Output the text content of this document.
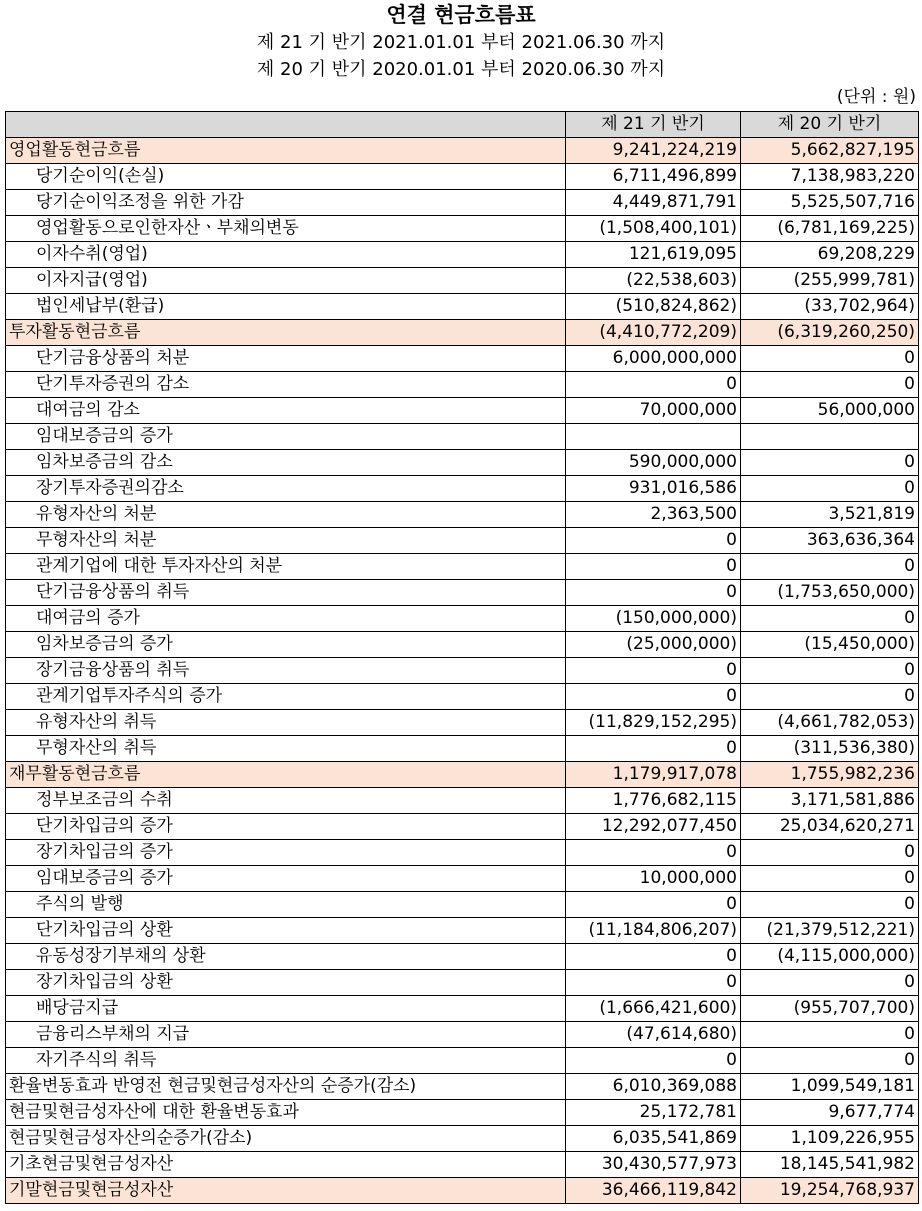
연결 현금흐름표
제 21 기 반기 2021.01.01 부터 2021.06.30 까지
제 20 기 반기 2020.01.01 부터 2020.06.30 까지
(단위 : 원)
	제 21 기 반기	제 20 기 반기
영업활동현금흐름	9,241,224,219	5,662,827,195
당기순이익(손실)	6,711,496,899	7,138,983,220
당기순이익조정을 위한 가감	4,449,871,791	5,525,507,716
영업활동으로인한자산ㆍ부채의변동	(1,508,400,101)	(6,781,169,225)
이자수취(영업)	121,619,095	69,208,229
이자지급(영업)	(22,538,603)	(255,999,781)
법인세납부(환급)	(510,824,862)	(33,702,964)
투자활동현금흐름	(4,410,772,209)	(6,319,260,250)
단기금융상품의 처분	6,000,000,000	0
단기투자증권의 감소	0	0
대여금의 감소	70,000,000	56,000,000
임대보증금의 증가		
임차보증금의 감소	590,000,000	0
장기투자증권의감소	931,016,586	0
유형자산의 처분	2,363,500	3,521,819
무형자산의 처분	0	363,636,364
관계기업에 대한 투자자산의 처분	0	0
단기금융상품의 취득	0	(1,753,650,000)
대여금의 증가	(150,000,000)	0
임차보증금의 증가	(25,000,000)	(15,450,000)
장기금융상품의 취득	0	0
관계기업투자주식의 증가	0	0
유형자산의 취득	(11,829,152,295)	(4,661,782,053)
무형자산의 취득	0	(311,536,380)
재무활동현금흐름	1,179,917,078	1,755,982,236
정부보조금의 수취	1,776,682,115	3,171,581,886
단기차입금의 증가	12,292,077,450	25,034,620,271
장기차입금의 증가	0	0
임대보증금의 증가	10,000,000	0
주식의 발행	0	0
단기차입금의 상환	(11,184,806,207)	(21,379,512,221)
유동성장기부채의 상환	0	(4,115,000,000)
장기차입금의 상환	0	0
배당금지급	(1,666,421,600)	(955,707,700)
금융리스부채의 지급	(47,614,680)	0
자기주식의 취득	0	0
환율변동효과 반영전 현금및현금성자산의 순증가(감소)	6,010,369,088	1,099,549,181
현금및현금성자산에 대한 환율변동효과	25,172,781	9,677,774
현금및현금성자산의순증가(감소)	6,035,541,869	1,109,226,955
기초현금및현금성자산	30,430,577,973	18,145,541,982
기말현금및현금성자산	36,466,119,842	19,254,768,937
